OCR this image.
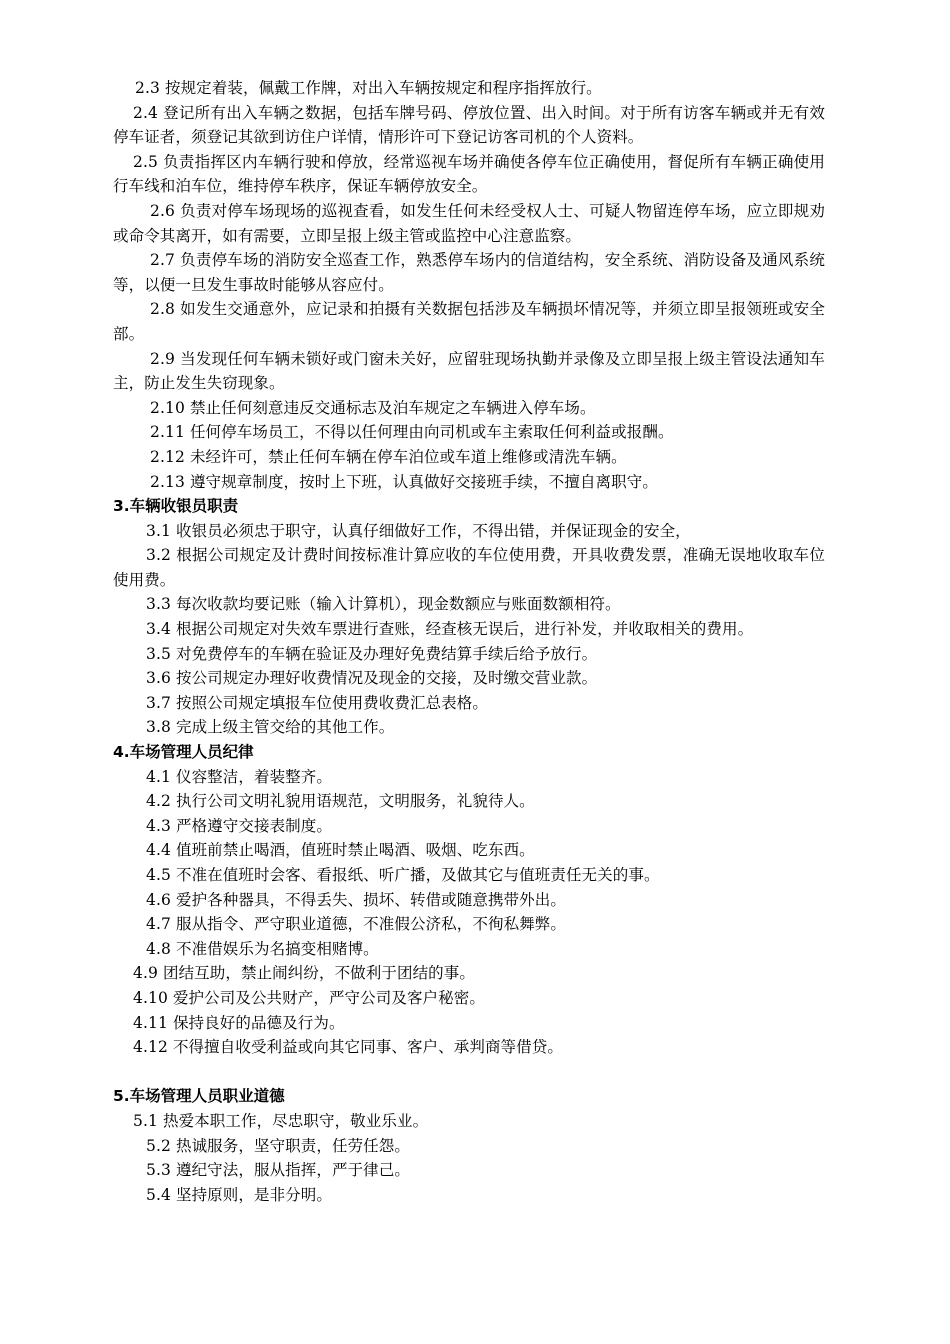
2.3 按规定着装，佩戴工作牌，对出入车辆按规定和程序指挥放行。

2.4 登记所有出入车辆之数据，包括车牌号码、停放位置、出入时间。对于所有访客车辆或并无有效停车证者，须登记其欲到访住户详情，情形许可下登记访客司机的个人资料。

2.5 负责指挥区内车辆行驶和停放，经常巡视车场并确使各停车位正确使用，督促所有车辆正确使用行车线和泊车位，维持停车秩序，保证车辆停放安全。

2.6 负责对停车场现场的巡视查看，如发生任何未经受权人士、可疑人物留连停车场，应立即规劝或命令其离开，如有需要，立即呈报上级主管或监控中心注意监察。

2.7 负责停车场的消防安全巡查工作，熟悉停车场内的信道结构，安全系统、消防设备及通风系统等，以便一旦发生事故时能够从容应付。

2.8 如发生交通意外，应记录和拍摄有关数据包括涉及车辆损坏情况等，并须立即呈报领班或安全部。

2.9 当发现任何车辆未锁好或门窗未关好，应留驻现场执勤并录像及立即呈报上级主管设法通知车主，防止发生失窃现象。

2.10 禁止任何刻意违反交通标志及泊车规定之车辆进入停车场。

2.11 任何停车场员工，不得以任何理由向司机或车主索取任何利益或报酬。

2.12 未经许可，禁止任何车辆在停车泊位或车道上维修或清洗车辆。

2.13 遵守规章制度，按时上下班，认真做好交接班手续，不擅自离职守。

3.车辆收银员职责

3.1 收银员必须忠于职守，认真仔细做好工作，不得出错，并保证现金的安全，

3.2 根据公司规定及计费时间按标准计算应收的车位使用费，开具收费发票，准确无误地收取车位使用费。

3.3 每次收款均要记账（输入计算机），现金数额应与账面数额相符。

3.4 根据公司规定对失效车票进行查账，经查核无误后，进行补发，并收取相关的费用。

3.5 对免费停车的车辆在验证及办理好免费结算手续后给予放行。

3.6 按公司规定办理好收费情况及现金的交接，及时缴交营业款。

3.7 按照公司规定填报车位使用费收费汇总表格。

3.8 完成上级主管交给的其他工作。

4.车场管理人员纪律

4.1 仪容整洁，着装整齐。

4.2 执行公司文明礼貌用语规范，文明服务，礼貌待人。

4.3 严格遵守交接表制度。

4.4 值班前禁止喝酒，值班时禁止喝酒、吸烟、吃东西。

4.5 不准在值班时会客、看报纸、听广播，及做其它与值班责任无关的事。

4.6 爱护各种器具，不得丢失、损坏、转借或随意携带外出。

4.7 服从指令、严守职业道德，不准假公济私，不徇私舞弊。

4.8 不准借娱乐为名搞变相赌博。

4.9 团结互助，禁止闹纠纷，不做利于团结的事。

4.10 爱护公司及公共财产，严守公司及客户秘密。

4.11 保持良好的品德及行为。

4.12 不得擅自收受利益或向其它同事、客户、承判商等借贷。

5.车场管理人员职业道德

5.1 热爱本职工作，尽忠职守，敬业乐业。

5.2 热诚服务，坚守职责，任劳任怨。

5.3 遵纪守法，服从指挥，严于律己。

5.4 坚持原则，是非分明。
